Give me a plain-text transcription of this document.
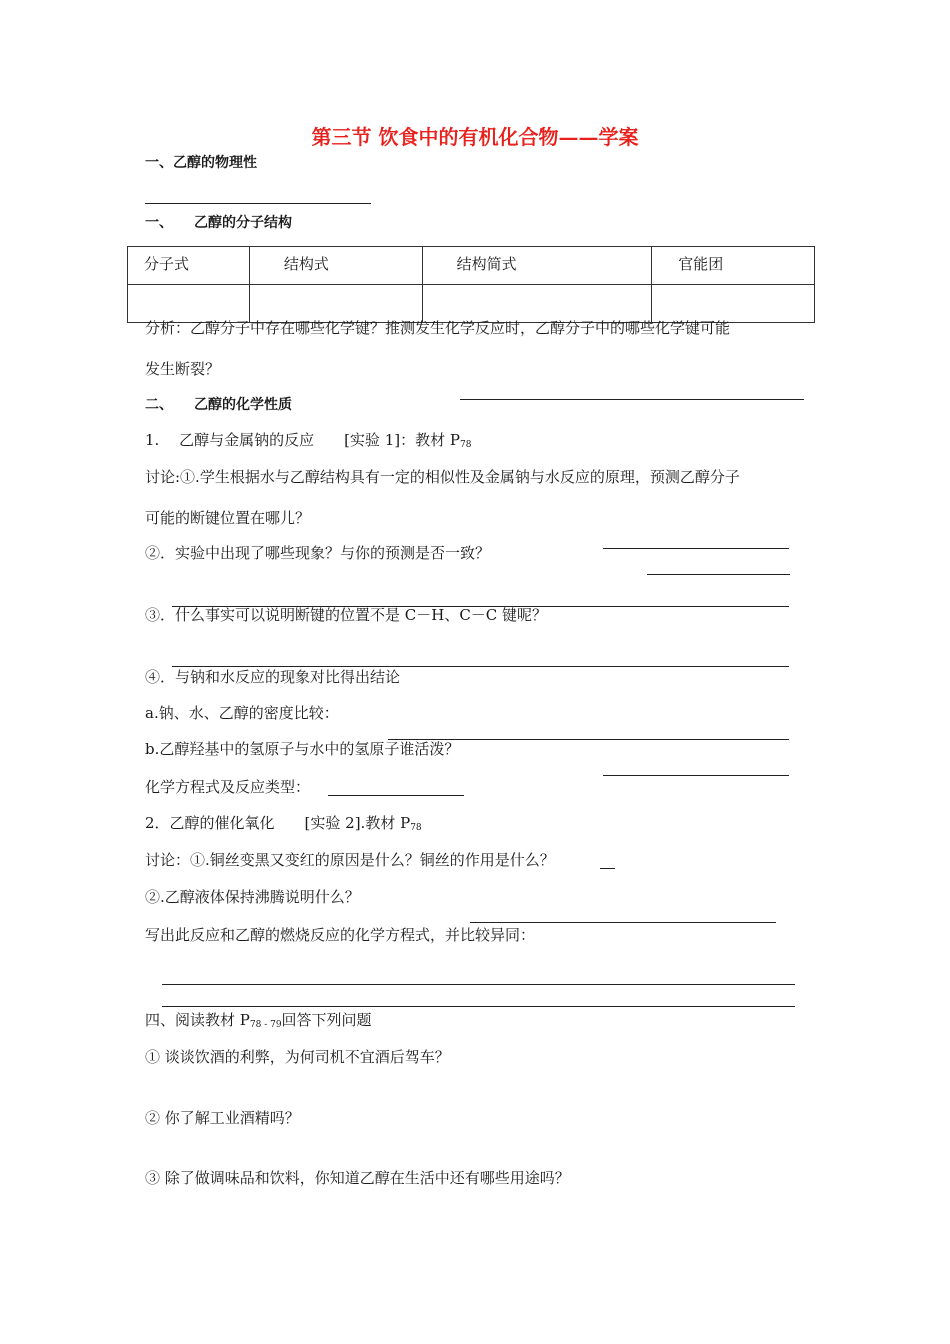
第三节 饮食中的有机化合物——学案
一、乙醇的物理性
一、　　乙醇的分子结构
分子式	结构式	结构简式	官能团

分析：乙醇分子中存在哪些化学键？推测发生化学反应时，乙醇分子中的哪些化学键可能
发生断裂？
二、　　乙醇的化学性质
1.　 乙醇与金属钠的反应　　[实验 1]：教材 $P_{78}$
讨论:①.学生根据水与乙醇结构具有一定的相似性及金属钠与水反应的原理，预测乙醇分子
可能的断键位置在哪儿？
②．实验中出现了哪些现象？与你的预测是否一致？
③．什么事实可以说明断键的位置不是 C－H、C－C 键呢？
④．与钠和水反应的现象对比得出结论
a.钠、水、乙醇的密度比较：
b.乙醇羟基中的氢原子与水中的氢原子谁活泼？
化学方程式及反应类型：
2．乙醇的催化氧化　　[实验 2].教材 $P_{78}$
讨论：①.铜丝变黑又变红的原因是什么？铜丝的作用是什么？
②.乙醇液体保持沸腾说明什么？
写出此反应和乙醇的燃烧反应的化学方程式，并比较异同：
四、阅读教材 $P_{78 - 79}$回答下列问题
① 谈谈饮酒的利弊，为何司机不宜酒后驾车？
② 你了解工业酒精吗？
③ 除了做调味品和饮料，你知道乙醇在生活中还有哪些用途吗？
